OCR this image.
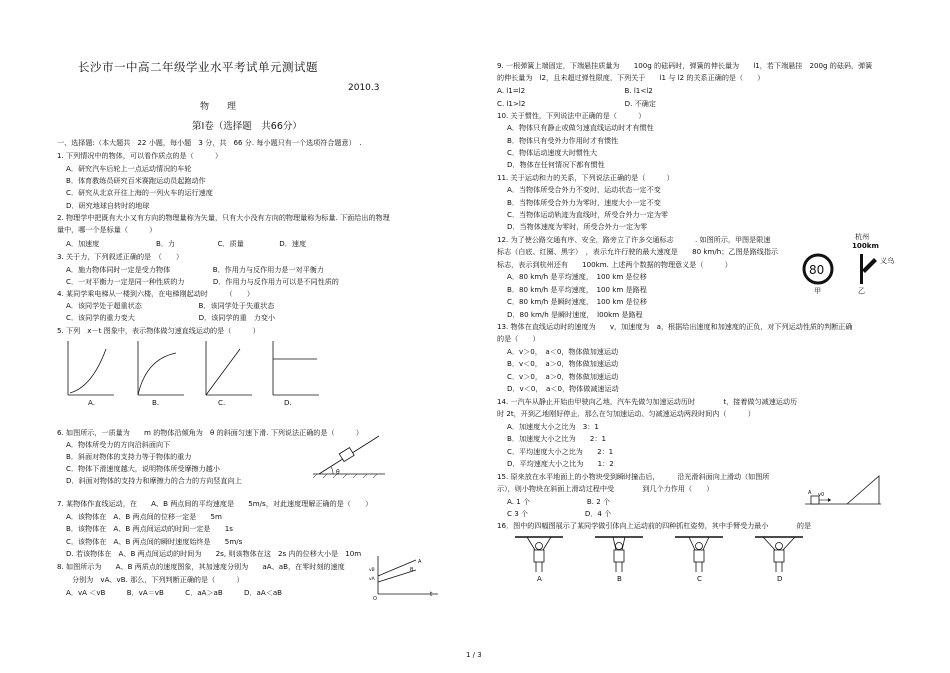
长沙市一中高二年级学业水平考试单元测试题
2010.3
物　　理
第Ⅰ卷（选择题　共66分）
一、选择题:（本大题共　22 小题，每小题　3 分，共　66 分. 每小题只有一个选项符合题意）　.
1. 下列情况中的物体，可以看作质点的是（　　　）
A．研究汽车后轮上一点运动情况的车轮
B．体育教练员研究百米赛跑运动员起跑动作
C．研究从北京开往上海的一列火车的运行速度
D．研究地球自转时的地球
2. 物理学中把既有大小又有方向的物理量称为矢量，只有大小没有方向的物理量称为标量. 下面给出的物理
量中，哪一个是标量（　　　）
A．加速度　　　　　　　　B．力　　　　　　C．质量　　　　　D．速度
3. 关于力，下列叙述正确的是　（　　）
A．施力物体同时一定是受力物体　　　　　　B．作用力与反作用力是一对平衡力
C．一对平衡力一定是同一种性质的力　　　　D．作用力与反作用力可以是不同性质的
4. 某同学乘电梯从一楼到六楼，在电梯刚起动时　　　（　　）
A．该同学处于超重状态　　　　　　　　B．该同学处于失重状态
C．该同学的重力变大　　　　　　　　　D．该同学的重　力变小
5. 下列　x－t 图象中，表示物体做匀速直线运动的是（　　　）
A.	B.	C.	D.
6. 如图所示，一质量为　　m 的物体沿倾角为　θ 的斜面匀速下滑. 下列说法正确的是（　　　）
A．物体所受力的方向沿斜面向下
B．斜面对物体的支持力等于物体的重力
C．物体下滑速度越大，说明物体所受摩擦力越小
D．斜面对物体的支持力和摩擦力的合力的方向竖直向上
θ
7. 某物体作直线运动，在　　A、B 两点间的平均速度是　　5m/s，对此速度理解正确的是（　　）
A．该物体在　A、B 两点间的位移一定是　　5m
B．该物体在　A、B 两点间运动的时间一定是　　1s
C．该物体在　A、B 两点间的瞬时速度始终是　　5m/s
D. 若该物体在　A、B 两点间运动的时间为　　2s, 则该物体在这　2s 内的位移大小是　10m
8. 如图所示为　　A、B 两质点的速度图象，其加速度分别为　　aA、aB，在零时刻的速度
分别为　vA、vB. 那么，下列判断正确的是（　　　）
A．vA ＜vB　　　B．vA＝vB　　　C．aA＞aB　　　D．aA＜aB
vB
vA
B
A
O
t
9. 一根弹簧上端固定，下端悬挂质量为　　100g 的砝码时，弹簧的伸长量为　　l1，若下端悬挂　200g 的砝码，弹簧
的伸长量为　l2，且未超过弹性限度，下列关于　　l1 与 l2 的关系正确的是（　　）
A. l1=l2　　　　　　　　　　　　　　B. l1<l2
C. l1>l2　　　　　　　　　　　　　　D. 不确定
10. 关于惯性，下列说法中正确的是（　　　）
A．物体只有静止或做匀速直线运动时才有惯性
B．物体只有受外力作用时才有惯性
C．物体运动速度大时惯性大
D．物体在任何情况下都有惯性
11. 关于运动和力的关系，下列说法正确的是（　　　）
A．当物体所受合外力不变时，运动状态一定不变
B．当物体所受合外力为零时，速度大小一定不变
C．当物体运动轨迹为直线时，所受合外力一定为零
D．当物体速度为零时，所受合外力一定为零
12. 为了使公路交通有序、安全，路旁立了许多交通标志　　　. 如图所示，甲图是限速
标志（白底、红圈、黑字）　，表示允许行驶的最大速度是　　80 km/h；乙图是路线指示
标志，表示到杭州还有　　100km. 上述两个数据的物理意义是（　　　）
A．80 km/h 是平均速度，　100 km 是位移
B．80 km/h 是平均速度，　100 km 是路程
C．80 km/h 是瞬时速度，　100 km 是位移
D．80 km/h 是瞬时速度，　l00km 是路程
80
杭州
100km
义乌
甲	乙
13. 物体在直线运动时的速度为　　v，加速度为　a，根据给出速度和加速度的正负，对下列运动性质的判断正确
的是（　　）
A．v＞0，　a＜0，物体做加速运动
B．v＜0，　a＞0，物体做加速运动
C．v＞0，　a＞0，物体做加速运动
D．v＜0，　a＜0，物体做减速运动
14. 一汽车从静止开始由甲驶向乙地，汽车先做匀加速运动历时　　　　t，接着做匀减速运动历
时 2t，开到乙地刚好停止．那么在匀加速运动、匀减速运动两段时间内（　　　）
A．加速度大小之比为　3：1
B．加速度大小之比为　　2：1
C．平均速度大小之比为　　2：1
D．平均速度大小之比为　　1：2
15. 原来放在水平地面上的小物块受到瞬时撞击后，　　　沿光滑斜面向上滑动（如图所
示），则小物块在斜面上滑动过程中受　　　　到几个力作用（　　）
A. 1 个　　　　　　　　B. 2 个
C 3 个　　　　　　　　D．4 个
A v0
16．图中的四幅图展示了某同学做引体向上运动前的四种抓杠姿势，其中手臂受力最小　　　　的是
A	B	C	D
1 / 3
